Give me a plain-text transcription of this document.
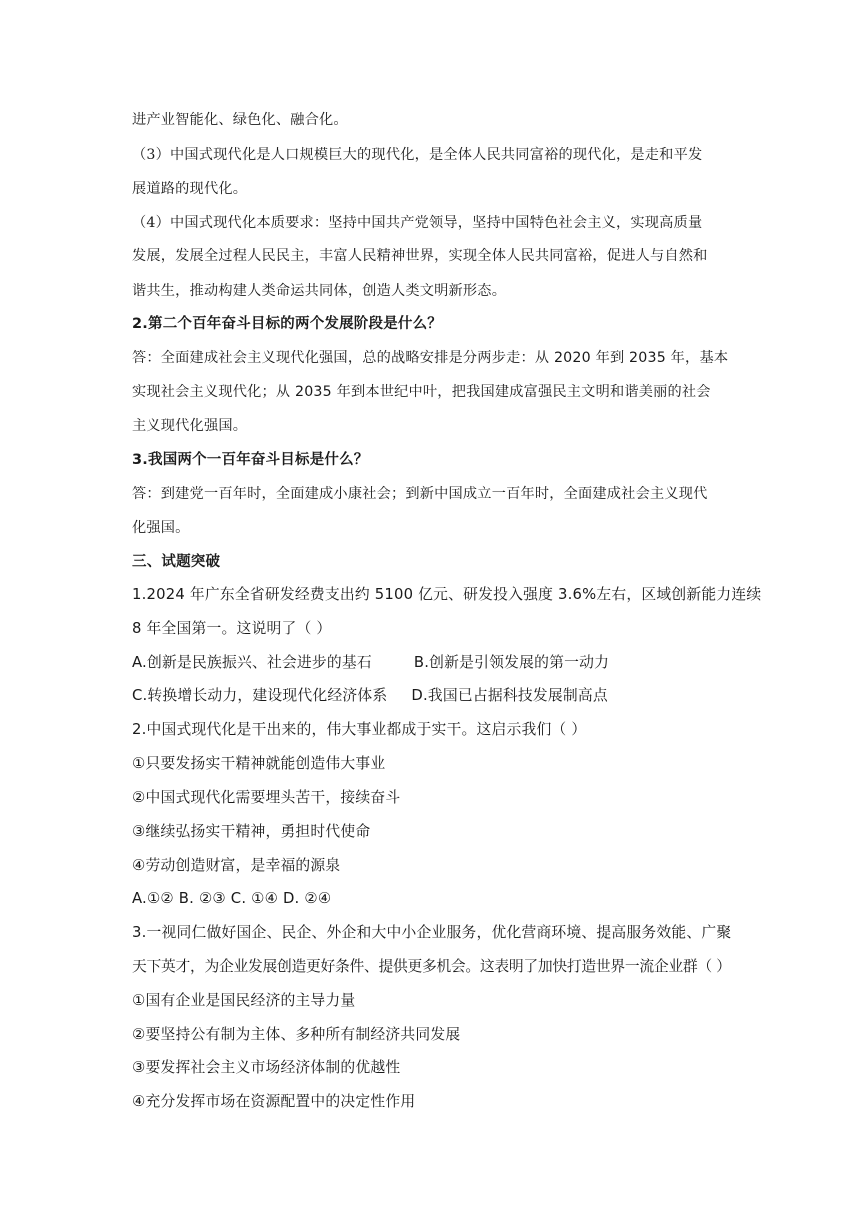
进产业智能化、绿色化、融合化。
（3）中国式现代化是人口规模巨大的现代化，是全体人民共同富裕的现代化，是走和平发
展道路的现代化。
（4）中国式现代化本质要求：坚持中国共产党领导，坚持中国特色社会主义，实现高质量
发展，发展全过程人民民主，丰富人民精神世界，实现全体人民共同富裕，促进人与自然和
谐共生，推动构建人类命运共同体，创造人类文明新形态。
2.第二个百年奋斗目标的两个发展阶段是什么？
答：全面建成社会主义现代化强国，总的战略安排是分两步走：从 2020 年到 2035 年，基本
实现社会主义现代化；从 2035 年到本世纪中叶，把我国建成富强民主文明和谐美丽的社会
主义现代化强国。
3.我国两个一百年奋斗目标是什么？
答：到建党一百年时，全面建成小康社会；到新中国成立一百年时，全面建成社会主义现代
化强国。
三、试题突破
1.2024 年广东全省研发经费支出约 5100 亿元、研发投入强度 3.6%左右，区域创新能力连续
8 年全国第一。这说明了（ ）
A.创新是民族振兴、社会进步的基石	B.创新是引领发展的第一动力
C.转换增长动力，建设现代化经济体系 D.我国已占据科技发展制高点
2.中国式现代化是干出来的，伟大事业都成于实干。这启示我们（ ）
①只要发扬实干精神就能创造伟大事业
②中国式现代化需要埋头苦干，接续奋斗
③继续弘扬实干精神，勇担时代使命
④劳动创造财富，是幸福的源泉
A.①② B. ②③ C. ①④ D. ②④
3.一视同仁做好国企、民企、外企和大中小企业服务，优化营商环境、提高服务效能、广聚
天下英才，为企业发展创造更好条件、提供更多机会。这表明了加快打造世界一流企业群（ ）
①国有企业是国民经济的主导力量
②要坚持公有制为主体、多种所有制经济共同发展
③要发挥社会主义市场经济体制的优越性
④充分发挥市场在资源配置中的决定性作用
